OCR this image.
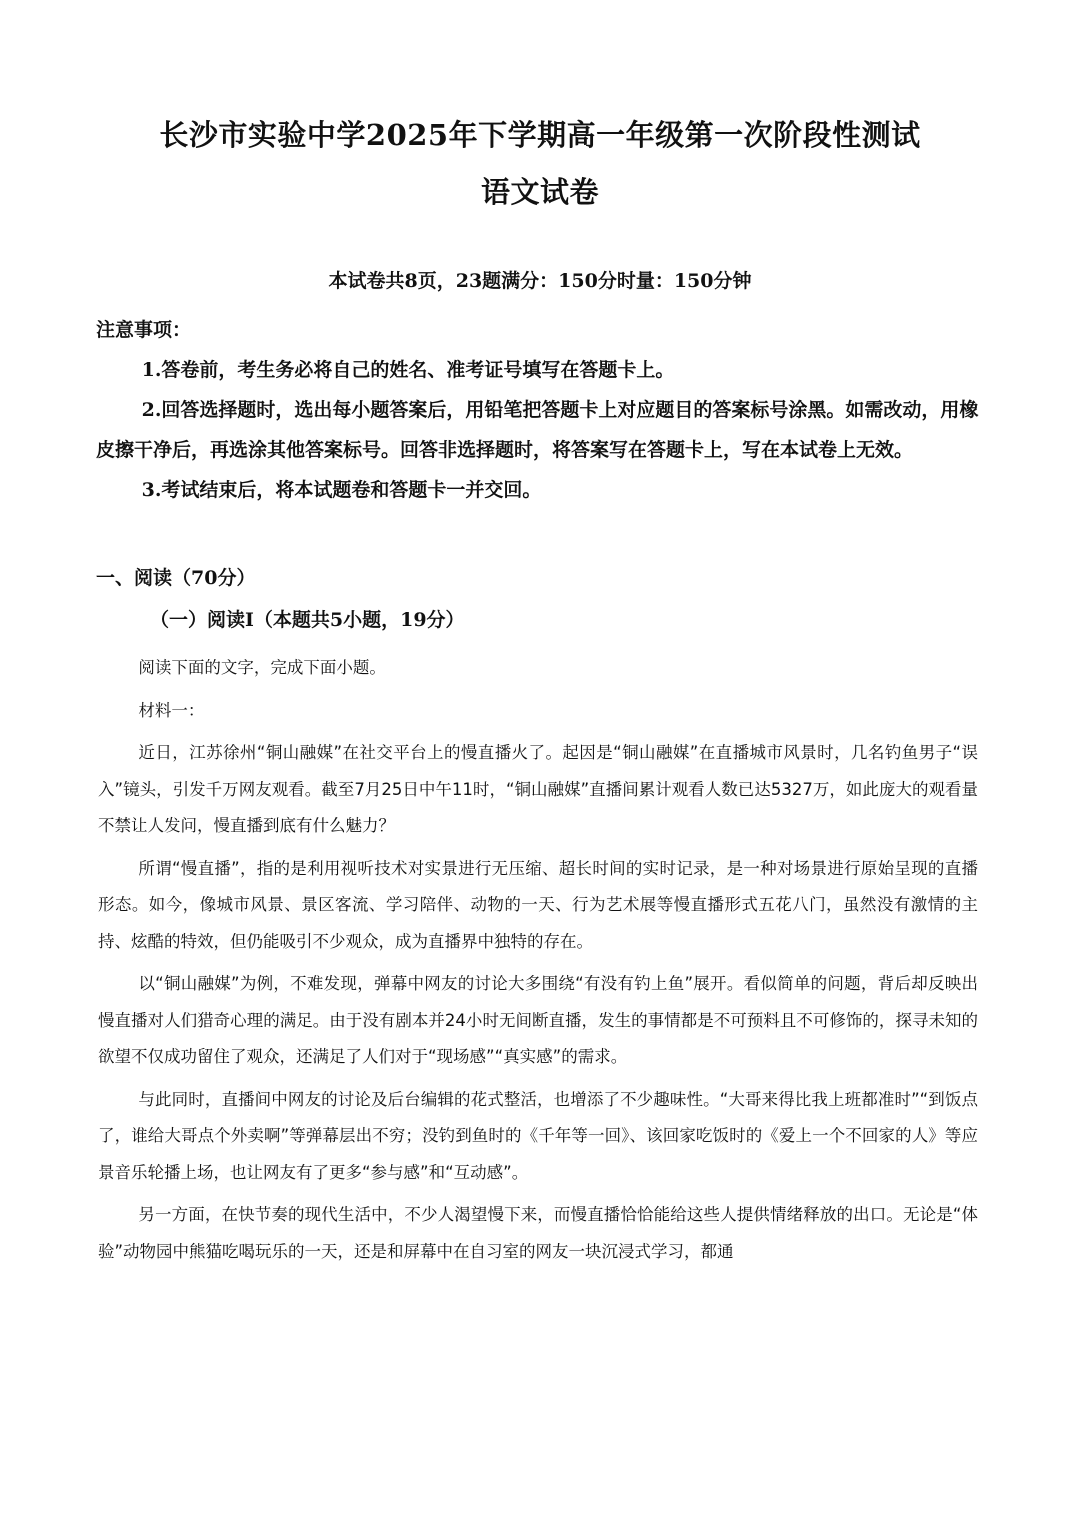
长沙市实验中学2025年下学期高一年级第一次阶段性测试
语文试卷
本试卷共8页，23题满分：150分时量：150分钟
注意事项：

1.答卷前，考生务必将自己的姓名、准考证号填写在答题卡上。

2.回答选择题时，选出每小题答案后，用铅笔把答题卡上对应题目的答案标号涂黑。如需改动，用橡皮擦干净后，再选涂其他答案标号。回答非选择题时，将答案写在答题卡上，写在本试卷上无效。

3.考试结束后，将本试题卷和答题卡一并交回。

一、阅读（70分）
（一）阅读I（本题共5小题，19分）

阅读下面的文字，完成下面小题。

材料一：

近日，江苏徐州“铜山融媒”在社交平台上的慢直播火了。起因是“铜山融媒”在直播城市风景时，几名钓鱼男子“误入”镜头，引发千万网友观看。截至7月25日中午11时，“铜山融媒”直播间累计观看人数已达5327万，如此庞大的观看量不禁让人发问，慢直播到底有什么魅力？

所谓“慢直播”，指的是利用视听技术对实景进行无压缩、超长时间的实时记录，是一种对场景进行原始呈现的直播形态。如今，像城市风景、景区客流、学习陪伴、动物的一天、行为艺术展等慢直播形式五花八门，虽然没有激情的主持、炫酷的特效，但仍能吸引不少观众，成为直播界中独特的存在。

以“铜山融媒”为例，不难发现，弹幕中网友的讨论大多围绕“有没有钓上鱼”展开。看似简单的问题，背后却反映出慢直播对人们猎奇心理的满足。由于没有剧本并24小时无间断直播，发生的事情都是不可预料且不可修饰的，探寻未知的欲望不仅成功留住了观众，还满足了人们对于“现场感”“真实感”的需求。

与此同时，直播间中网友的讨论及后台编辑的花式整活，也增添了不少趣味性。“大哥来得比我上班都准时”“到饭点了，谁给大哥点个外卖啊”等弹幕层出不穷；没钓到鱼时的《千年等一回》、该回家吃饭时的《爱上一个不回家的人》等应景音乐轮播上场，也让网友有了更多“参与感”和“互动感”。

另一方面，在快节奏的现代生活中，不少人渴望慢下来，而慢直播恰恰能给这些人提供情绪释放的出口。无论是“体验”动物园中熊猫吃喝玩乐的一天，还是和屏幕中在自习室的网友一块沉浸式学习，都通
